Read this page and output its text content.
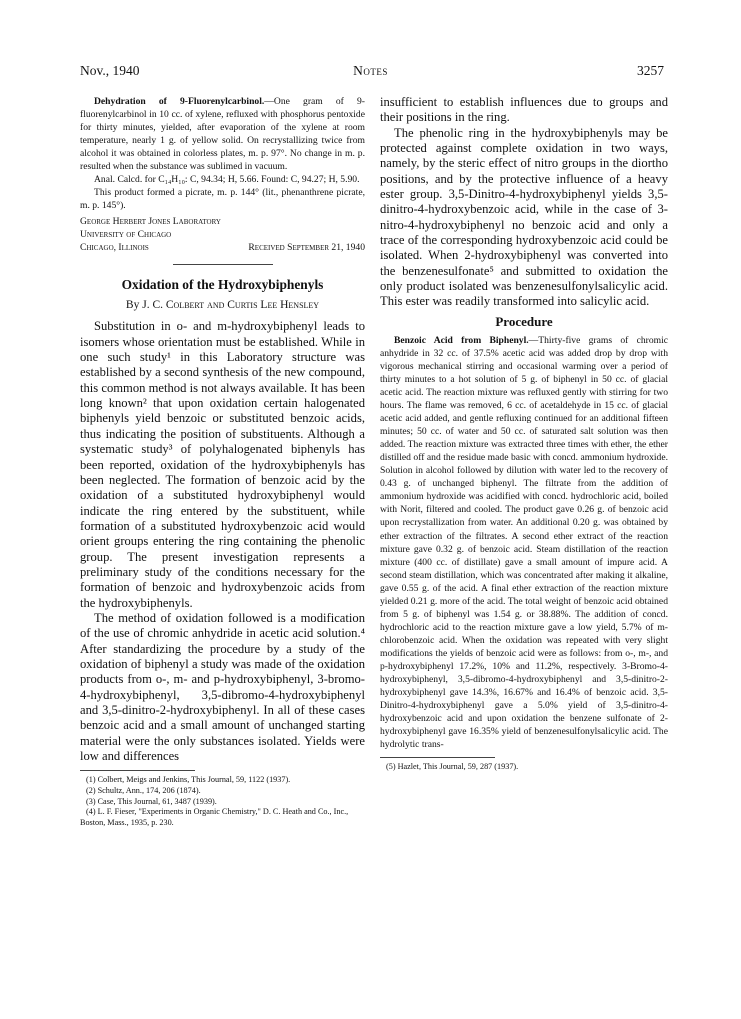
Nov., 1940	Notes	3257

Dehydration of 9-Fluorenylcarbinol.—One gram of 9-fluorenylcarbinol in 10 cc. of xylene, refluxed with phosphorus pentoxide for thirty minutes, yielded, after evaporation of the xylene at room temperature, nearly 1 g. of yellow solid. On recrystallizing twice from alcohol it was obtained in colorless plates, m. p. 97°. No change in m. p. resulted when the substance was sublimed in vacuum.

Anal. Calcd. for C₁₄H₁₀: C, 94.34; H, 5.66. Found: C, 94.27; H, 5.90.

This product formed a picrate, m. p. 144° (lit., phenanthrene picrate, m. p. 145°).

George Herbert Jones Laboratory
University of Chicago
Chicago, Illinois	Received September 21, 1940
Oxidation of the Hydroxybiphenyls
By J. C. Colbert and Curtis Lee Hensley

Substitution in o- and m-hydroxybiphenyl leads to isomers whose orientation must be established. While in one such study¹ in this Laboratory structure was established by a second synthesis of the new compound, this common method is not always available. It has been long known² that upon oxidation certain halogenated biphenyls yield benzoic or substituted benzoic acids, thus indicating the position of substituents. Although a systematic study³ of polyhalogenated biphenyls has been reported, oxidation of the hydroxybiphenyls has been neglected. The formation of benzoic acid by the oxidation of a substituted hydroxybiphenyl would indicate the ring entered by the substituent, while formation of a substituted hydroxybenzoic acid would orient groups entering the ring containing the phenolic group. The present investigation represents a preliminary study of the conditions necessary for the formation of benzoic and hydroxybenzoic acids from the hydroxybiphenyls.

The method of oxidation followed is a modification of the use of chromic anhydride in acetic acid solution.⁴ After standardizing the procedure by a study of the oxidation of biphenyl a study was made of the oxidation products from o-, m- and p-hydroxybiphenyl, 3-bromo-4-hydroxybiphenyl, 3,5-dibromo-4-hydroxybiphenyl and 3,5-dinitro-2-hydroxybiphenyl. In all of these cases benzoic acid and a small amount of unchanged starting material were the only substances isolated. Yields were low and differences

(1) Colbert, Meigs and Jenkins, This Journal, 59, 1122 (1937).

(2) Schultz, Ann., 174, 206 (1874).

(3) Case, This Journal, 61, 3487 (1939).

(4) L. F. Fieser, "Experiments in Organic Chemistry," D. C. Heath and Co., Inc., Boston, Mass., 1935, p. 230.

insufficient to establish influences due to groups and their positions in the ring.

The phenolic ring in the hydroxybiphenyls may be protected against complete oxidation in two ways, namely, by the steric effect of nitro groups in the diortho positions, and by the protective influence of a heavy ester group. 3,5-Dinitro-4-hydroxybiphenyl yields 3,5-dinitro-4-hydroxybenzoic acid, while in the case of 3-nitro-4-hydroxybiphenyl no benzoic acid and only a trace of the corresponding hydroxybenzoic acid could be isolated. When 2-hydroxybiphenyl was converted into the benzenesulfonate⁵ and submitted to oxidation the only product isolated was benzenesulfonylsalicylic acid. This ester was readily transformed into salicylic acid.

Procedure

Benzoic Acid from Biphenyl.—Thirty-five grams of chromic anhydride in 32 cc. of 37.5% acetic acid was added drop by drop with vigorous mechanical stirring and occasional warming over a period of thirty minutes to a hot solution of 5 g. of biphenyl in 50 cc. of glacial acetic acid. The reaction mixture was refluxed gently with stirring for two hours. The flame was removed, 6 cc. of acetaldehyde in 15 cc. of glacial acetic acid added, and gentle refluxing continued for an additional fifteen minutes; 50 cc. of water and 50 cc. of saturated salt solution was then added. The reaction mixture was extracted three times with ether, the ether distilled off and the residue made basic with concd. ammonium hydroxide. Solution in alcohol followed by dilution with water led to the recovery of 0.43 g. of unchanged biphenyl. The filtrate from the addition of ammonium hydroxide was acidified with concd. hydrochloric acid, boiled with Norit, filtered and cooled. The product gave 0.26 g. of benzoic acid upon recrystallization from water. An additional 0.20 g. was obtained by ether extraction of the filtrates. A second ether extract of the reaction mixture gave 0.32 g. of benzoic acid. Steam distillation of the reaction mixture (400 cc. of distillate) gave a small amount of impure acid. A second steam distillation, which was concentrated after making it alkaline, gave 0.55 g. of the acid. A final ether extraction of the reaction mixture yielded 0.21 g. more of the acid. The total weight of benzoic acid obtained from 5 g. of biphenyl was 1.54 g. or 38.88%. The addition of concd. hydrochloric acid to the reaction mixture gave a low yield, 5.7% of m-chlorobenzoic acid. When the oxidation was repeated with very slight modifications the yields of benzoic acid were as follows: from o-, m-, and p-hydroxybiphenyl 17.2%, 10% and 11.2%, respectively. 3-Bromo-4-hydroxybiphenyl, 3,5-dibromo-4-hydroxybiphenyl and 3,5-dinitro-2-hydroxybiphenyl gave 14.3%, 16.67% and 16.4% of benzoic acid. 3,5-Dinitro-4-hydroxybiphenyl gave a 5.0% yield of 3,5-dinitro-4-hydroxybenzoic acid and upon oxidation the benzene sulfonate of 2-hydroxybiphenyl gave 16.35% yield of benzenesulfonylsalicylic acid. The hydrolytic trans-

(5) Hazlet, This Journal, 59, 287 (1937).
